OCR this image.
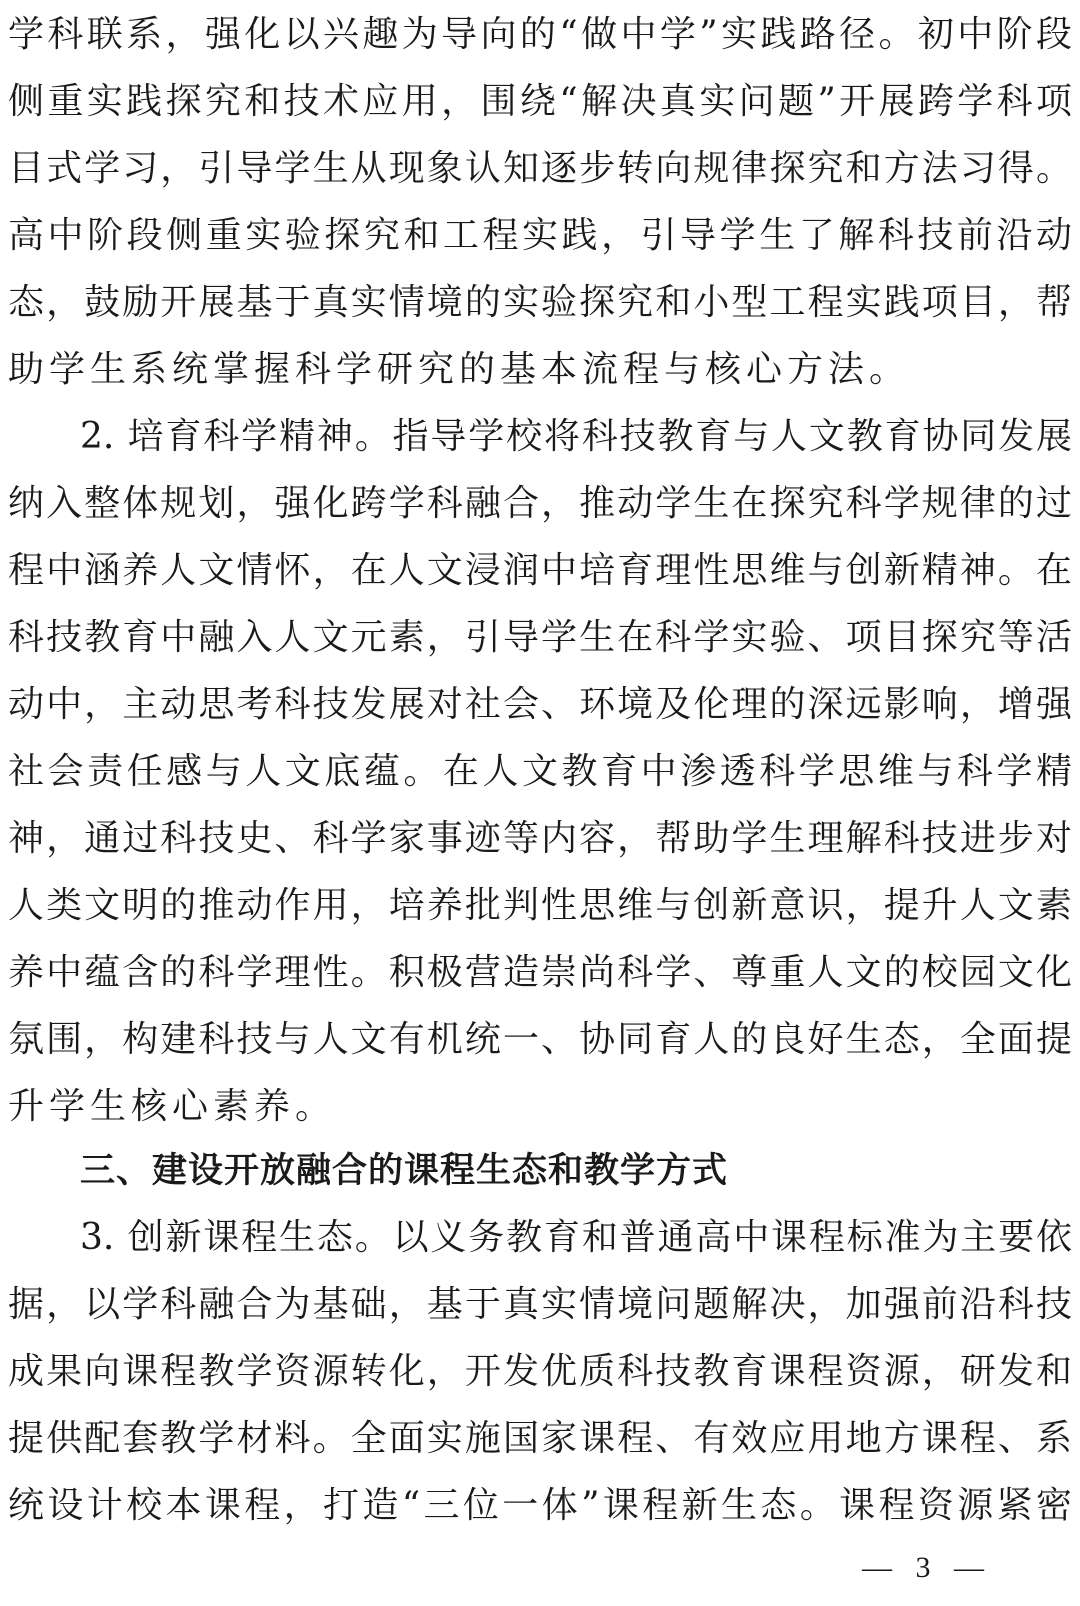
学科联系，强化以兴趣为导向的“做中学”实践路径。初中阶段
侧重实践探究和技术应用，围绕“解决真实问题”开展跨学科项
目式学习，引导学生从现象认知逐步转向规律探究和方法习得。
高中阶段侧重实验探究和工程实践，引导学生了解科技前沿动
态，鼓励开展基于真实情境的实验探究和小型工程实践项目，帮
助学生系统掌握科学研究的基本流程与核心方法。
2. 培育科学精神。指导学校将科技教育与人文教育协同发展
纳入整体规划，强化跨学科融合，推动学生在探究科学规律的过
程中涵养人文情怀，在人文浸润中培育理性思维与创新精神。在
科技教育中融入人文元素，引导学生在科学实验、项目探究等活
动中，主动思考科技发展对社会、环境及伦理的深远影响，增强
社会责任感与人文底蕴。在人文教育中渗透科学思维与科学精
神，通过科技史、科学家事迹等内容，帮助学生理解科技进步对
人类文明的推动作用，培养批判性思维与创新意识，提升人文素
养中蕴含的科学理性。积极营造崇尚科学、尊重人文的校园文化
氛围，构建科技与人文有机统一、协同育人的良好生态，全面提
升学生核心素养。
三、建设开放融合的课程生态和教学方式
3. 创新课程生态。以义务教育和普通高中课程标准为主要依
据，以学科融合为基础，基于真实情境问题解决，加强前沿科技
成果向课程教学资源转化，开发优质科技教育课程资源，研发和
提供配套教学材料。全面实施国家课程、有效应用地方课程、系
统设计校本课程，打造“三位一体”课程新生态。课程资源紧密
— 3 —
